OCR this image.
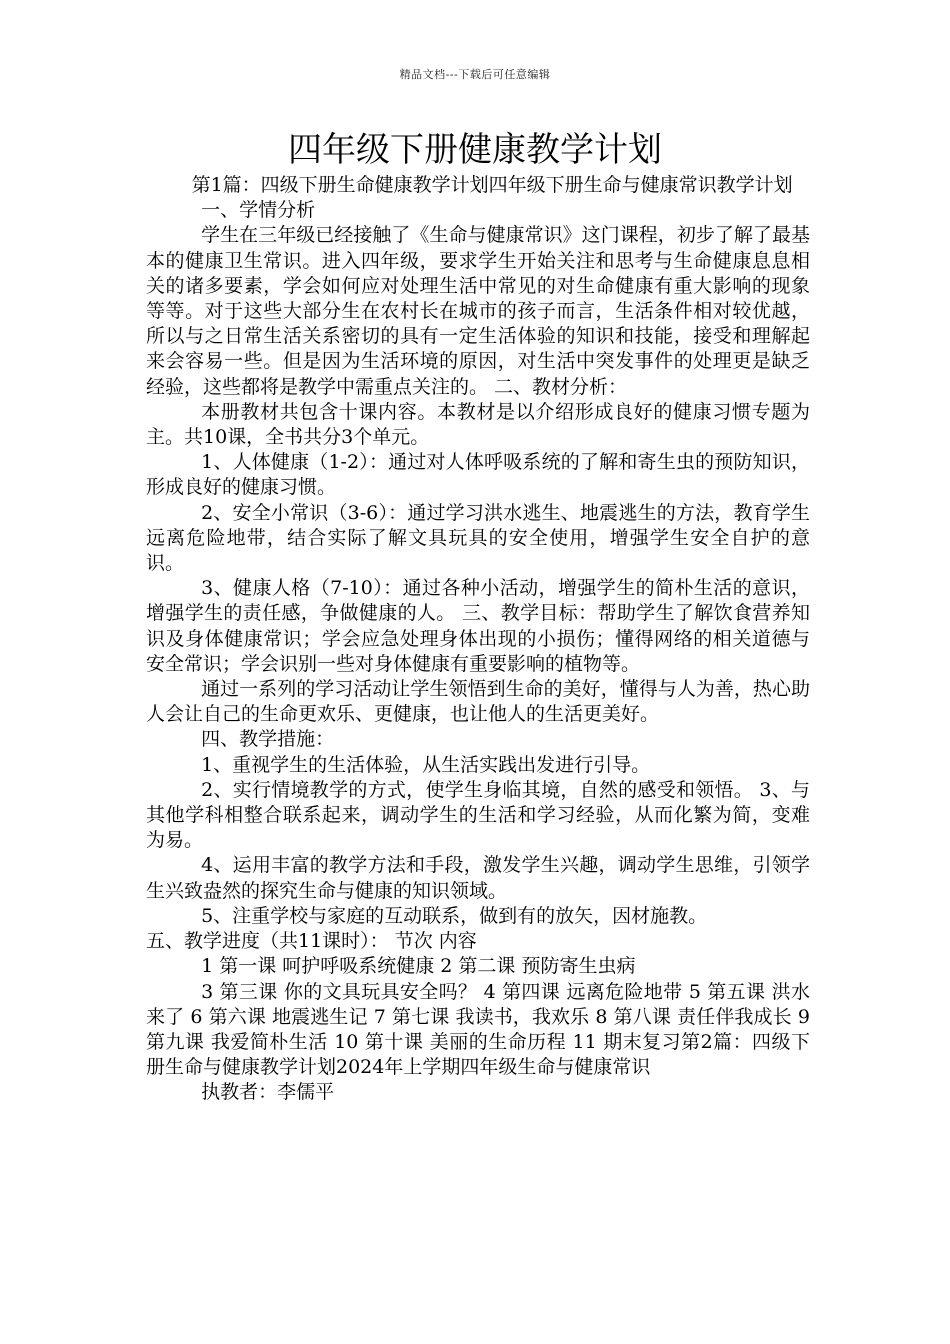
精品文档---下载后可任意编辑
四年级下册健康教学计划

第1篇：四级下册生命健康教学计划四年级下册生命与健康常识教学计划

一、学情分析

学生在三年级已经接触了《生命与健康常识》这门课程，初步了解了最基本的健康卫生常识。进入四年级，要求学生开始关注和思考与生命健康息息相关的诸多要素，学会如何应对处理生活中常见的对生命健康有重大影响的现象等等。对于这些大部分生在农村长在城市的孩子而言，生活条件相对较优越，所以与之日常生活关系密切的具有一定生活体验的知识和技能，接受和理解起来会容易一些。但是因为生活环境的原因，对生活中突发事件的处理更是缺乏经验，这些都将是教学中需重点关注的。 二、教材分析：

本册教材共包含十课内容。本教材是以介绍形成良好的健康习惯专题为主。共10课，全书共分3个单元。

1、人体健康（1-2）：通过对人体呼吸系统的了解和寄生虫的预防知识，形成良好的健康习惯。

2、安全小常识（3-6）：通过学习洪水逃生、地震逃生的方法，教育学生远离危险地带，结合实际了解文具玩具的安全使用，增强学生安全自护的意识。

3、健康人格（7-10）：通过各种小活动，增强学生的简朴生活的意识，增强学生的责任感，争做健康的人。 三、教学目标：帮助学生了解饮食营养知识及身体健康常识；学会应急处理身体出现的小损伤；懂得网络的相关道德与安全常识；学会识别一些对身体健康有重要影响的植物等。

通过一系列的学习活动让学生领悟到生命的美好，懂得与人为善，热心助人会让自己的生命更欢乐、更健康，也让他人的生活更美好。

四、教学措施：

1、重视学生的生活体验，从生活实践出发进行引导。

2、实行情境教学的方式，使学生身临其境，自然的感受和领悟。 3、与其他学科相整合联系起来，调动学生的生活和学习经验，从而化繁为简，变难为易。

4、运用丰富的教学方法和手段，激发学生兴趣，调动学生思维，引领学生兴致盎然的探究生命与健康的知识领域。

5、注重学校与家庭的互动联系，做到有的放矢，因材施教。

五、教学进度（共11课时）： 节次 内容

1 第一课 呵护呼吸系统健康 2 第二课 预防寄生虫病

3 第三课 你的文具玩具安全吗？ 4 第四课 远离危险地带 5 第五课 洪水来了 6 第六课 地震逃生记 7 第七课 我读书，我欢乐 8 第八课 责任伴我成长 9 第九课 我爱简朴生活 10 第十课 美丽的生命历程 11 期末复习第2篇：四级下册生命与健康教学计划2024年上学期四年级生命与健康常识

执教者：李儒平
